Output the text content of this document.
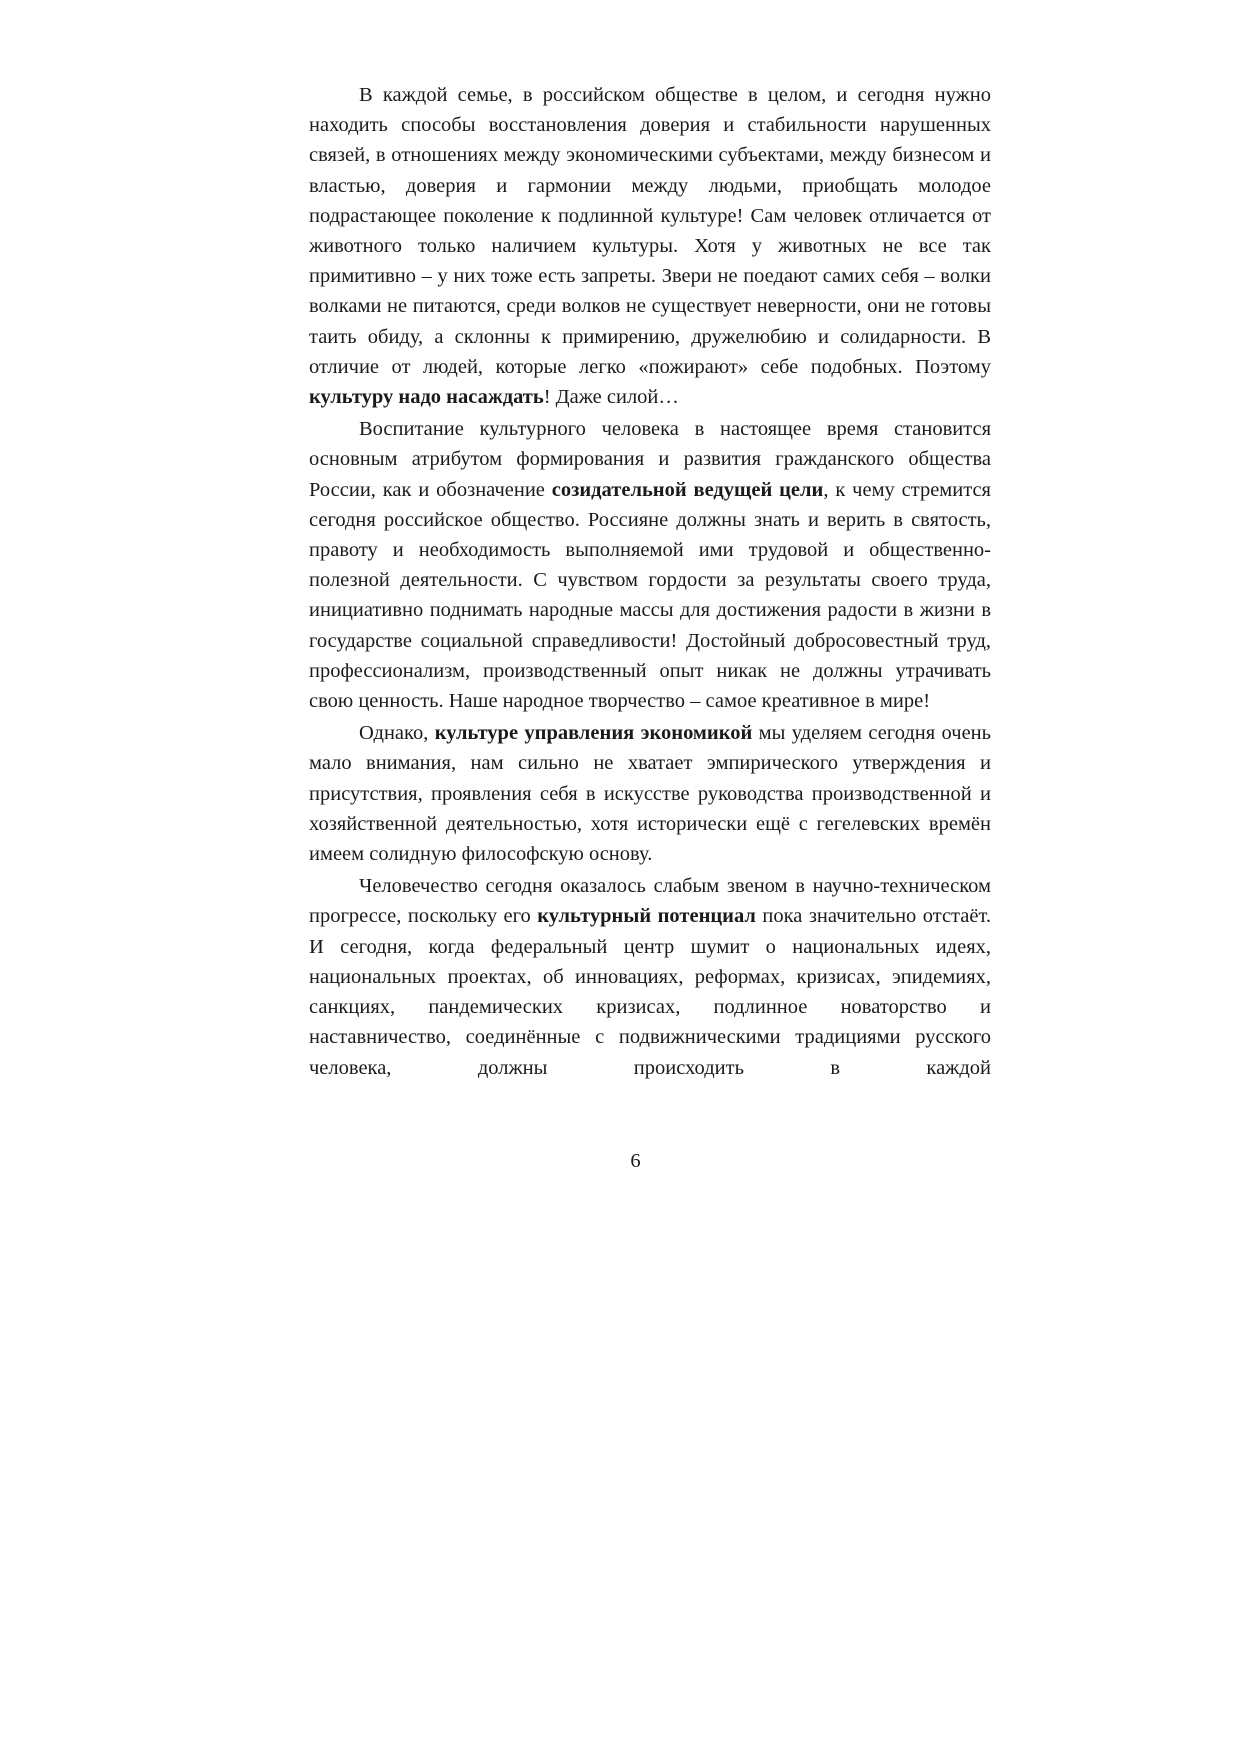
В каждой семье, в российском обществе в целом, и сегодня нужно находить способы восстановления доверия и стабильности нарушенных связей, в отношениях между экономическими субъектами, между бизнесом и властью, доверия и гармонии между людьми, приобщать молодое подрастающее поколение к подлинной культуре! Сам человек отличается от животного только наличием культуры. Хотя у животных не все так примитивно – у них тоже есть запреты. Звери не поедают самих себя – волки волками не питаются, среди волков не существует неверности, они не готовы таить обиду, а склонны к примирению, дружелюбию и солидарности. В отличие от людей, которые легко «пожирают» себе подобных. Поэтому культуру надо насаждать! Даже силой…

Воспитание культурного человека в настоящее время становится основным атрибутом формирования и развития гражданского общества России, как и обозначение созидательной ведущей цели, к чему стремится сегодня российское общество. Россияне должны знать и верить в святость, правоту и необходимость выполняемой ими трудовой и общественно-полезной деятельности. С чувством гордости за результаты своего труда, инициативно поднимать народные массы для достижения радости в жизни в государстве социальной справедливости! Достойный добросовестный труд, профессионализм, производственный опыт никак не должны утрачивать свою ценность. Наше народное творчество – самое креативное в мире!

Однако, культуре управления экономикой мы уделяем сегодня очень мало внимания, нам сильно не хватает эмпирического утверждения и присутствия, проявления себя в искусстве руководства производственной и хозяйственной деятельностью, хотя исторически ещё с гегелевских времён имеем солидную философскую основу.

Человечество сегодня оказалось слабым звеном в научно-техническом прогрессе, поскольку его культурный потенциал пока значительно отстаёт. И сегодня, когда федеральный центр шумит о национальных идеях, национальных проектах, об инновациях, реформах, кризисах, эпидемиях, санкциях, пандемических кризисах, подлинное новаторство и наставничество, соединённые с подвижническими традициями русского человека, должны происходить в каждой

6
